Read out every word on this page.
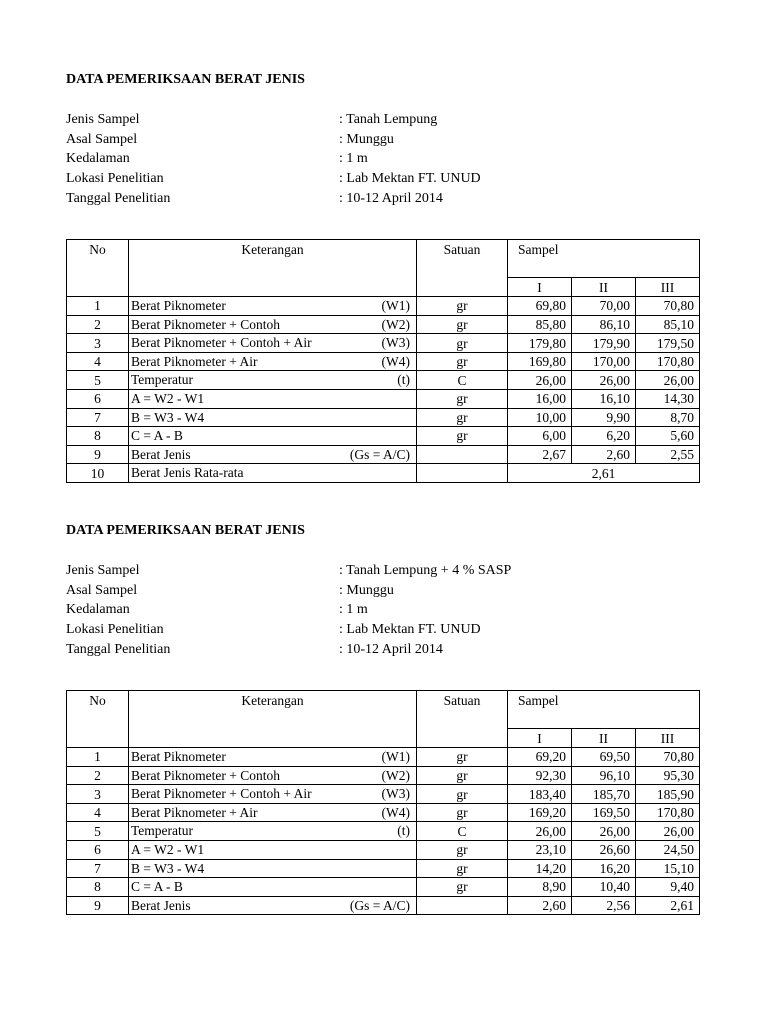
DATA PEMERIKSAAN BERAT JENIS

Jenis Sampel	: Tanah Lempung
Asal Sampel	: Munggu
Kedalaman	: 1 m
Lokasi Penelitian	: Lab Mektan FT. UNUD
Tanggal Penelitian	: 10-12 April 2014
No	Keterangan	Satuan	Sampel		
			I	II	III
1	Berat Piknometer (W1)	gr	69,80	70,00	70,80
2	Berat Piknometer + Contoh (W2)	gr	85,80	86,10	85,10
3	Berat Piknometer + Contoh + Air (W3)	gr	179,80	179,90	179,50
4	Berat Piknometer + Air (W4)	gr	169,80	170,00	170,80
5	Temperatur (t)	C	26,00	26,00	26,00
6	A = W2 - W1	gr	16,00	16,10	14,30
7	B = W3 - W4	gr	10,00	9,90	8,70
8	C = A - B	gr	6,00	6,20	5,60
9	Berat Jenis (Gs = A/C)		2,67	2,60	2,55
10	Berat Jenis Rata-rata		2,61		

DATA PEMERIKSAAN BERAT JENIS

Jenis Sampel	: Tanah Lempung + 4 % SASP
Asal Sampel	: Munggu
Kedalaman	: 1 m
Lokasi Penelitian	: Lab Mektan FT. UNUD
Tanggal Penelitian	: 10-12 April 2014
No	Keterangan	Satuan	Sampel		
			I	II	III
1	Berat Piknometer (W1)	gr	69,20	69,50	70,80
2	Berat Piknometer + Contoh (W2)	gr	92,30	96,10	95,30
3	Berat Piknometer + Contoh + Air (W3)	gr	183,40	185,70	185,90
4	Berat Piknometer + Air (W4)	gr	169,20	169,50	170,80
5	Temperatur (t)	C	26,00	26,00	26,00
6	A = W2 - W1	gr	23,10	26,60	24,50
7	B = W3 - W4	gr	14,20	16,20	15,10
8	C = A - B	gr	8,90	10,40	9,40
9	Berat Jenis (Gs = A/C)		2,60	2,56	2,61
